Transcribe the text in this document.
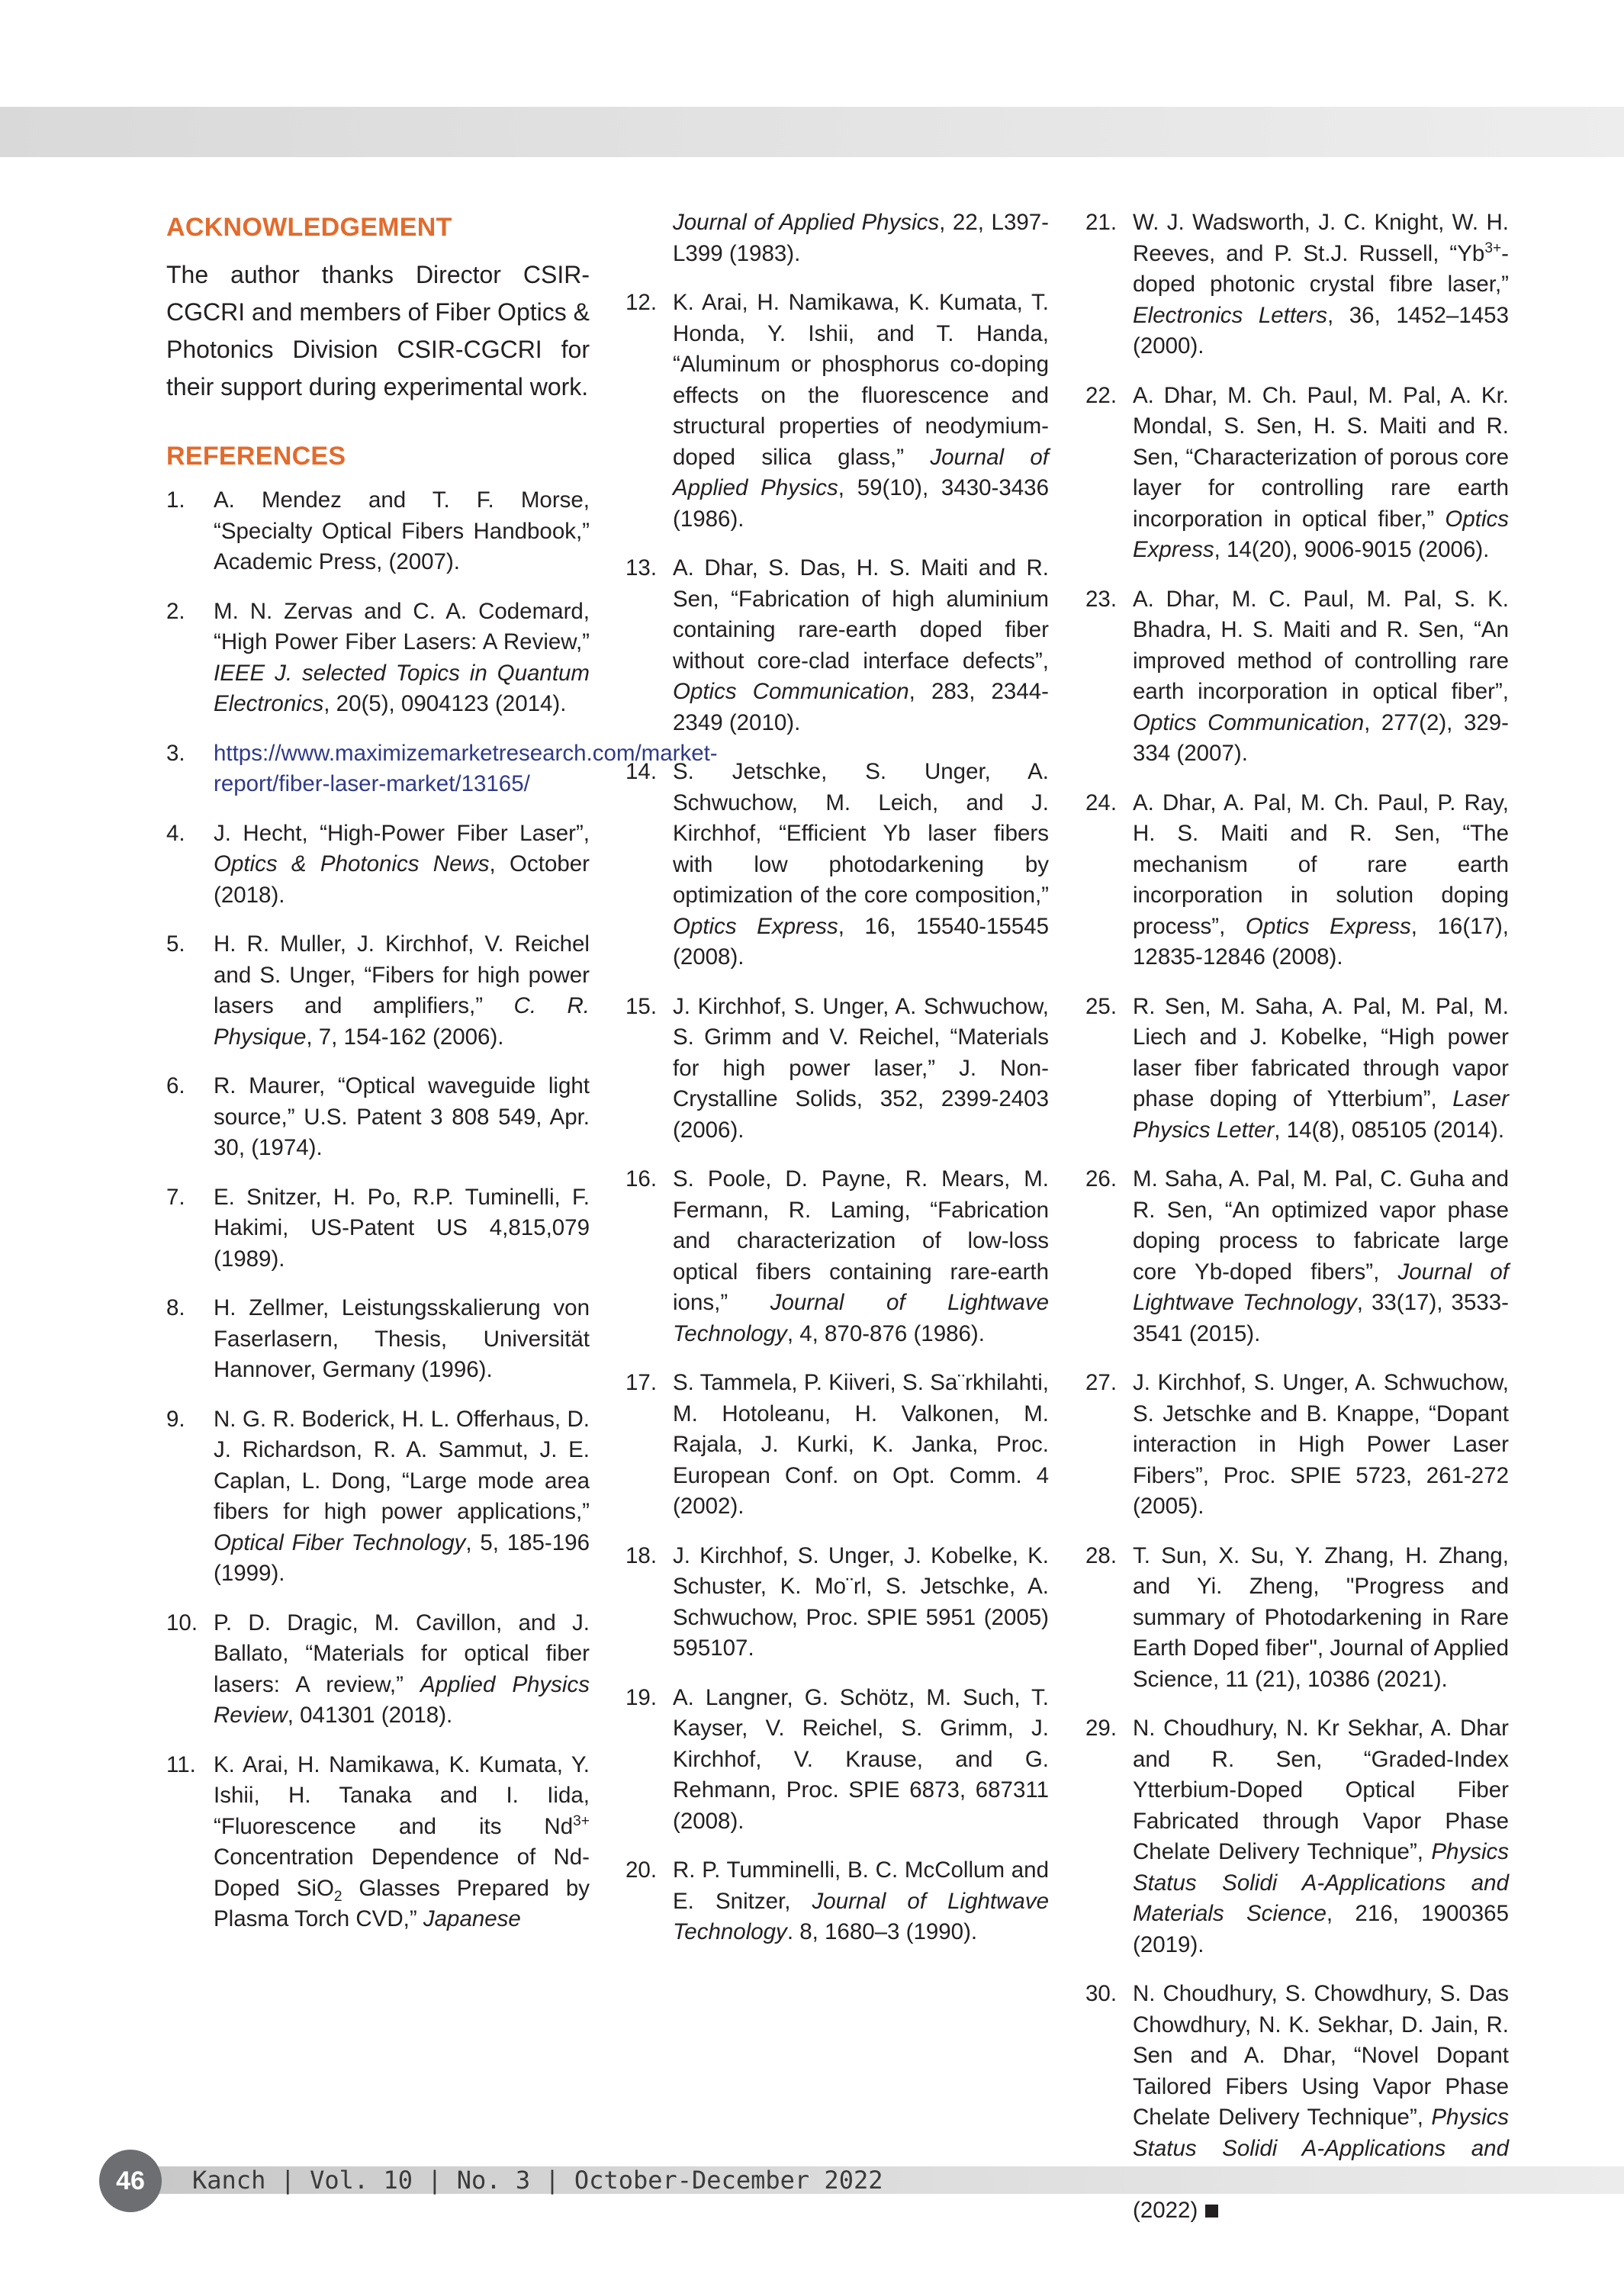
ACKNOWLEDGEMENT

The author thanks Director CSIR-CGCRI and members of Fiber Optics & Photonics Division CSIR-CGCRI for their support during experimental work.

REFERENCES
1.	A. Mendez and T. F. Morse, “Specialty Optical Fibers Handbook,” Academic Press, (2007).
2.	M. N. Zervas and C. A. Codemard, “High Power Fiber Lasers: A Review,” IEEE J. selected Topics in Quantum Electronics, 20(5), 0904123 (2014).
3.	https://www.maximizemarketresearch.com/market-report/fiber-laser-market/13165/
4.	J. Hecht, “High-Power Fiber Laser”, Optics & Photonics News, October (2018).
5.	H. R. Muller, J. Kirchhof, V. Reichel and S. Unger, “Fibers for high power lasers and amplifiers,” C. R. Physique, 7, 154-162 (2006).
6.	R. Maurer, “Optical waveguide light source,” U.S. Patent 3 808 549, Apr. 30, (1974).
7.	E. Snitzer, H. Po, R.P. Tuminelli, F. Hakimi, US-Patent US 4,815,079 (1989).
8.	H. Zellmer, Leistungsskalierung von Faserlasern, Thesis, Universität Hannover, Germany (1996).
9.	N. G. R. Boderick, H. L. Offerhaus, D. J. Richardson, R. A. Sammut, J. E. Caplan, L. Dong, “Large mode area fibers for high power applications,” Optical Fiber Technology, 5, 185-196 (1999).
10. P. D. Dragic, M. Cavillon, and J. Ballato, “Materials for optical fiber lasers: A review,” Applied Physics Review, 041301 (2018).
11. K. Arai, H. Namikawa, K. Kumata, Y. Ishii, H. Tanaka and I. Iida, “Fluorescence and its $Nd^{3+}$ Concentration Dependence of Nd-Doped SiO$_2$ Glasses Prepared by Plasma Torch CVD,” Japanese
Journal of Applied Physics, 22, L397-L399 (1983).
12. K. Arai, H. Namikawa, K. Kumata, T. Honda, Y. Ishii, and T. Handa, “Aluminum or phosphorus co-doping effects on the fluorescence and structural properties of neodymium-doped silica glass,” Journal of Applied Physics, 59(10), 3430-3436 (1986).
13. A. Dhar, S. Das, H. S. Maiti and R. Sen, “Fabrication of high aluminium containing rare-earth doped fiber without core-clad interface defects”, Optics Communication, 283, 2344-2349 (2010).
14. S. Jetschke, S. Unger, A. Schwuchow, M. Leich, and J. Kirchhof, “Efficient Yb laser fibers with low photodarkening by optimization of the core composition,” Optics Express, 16, 15540-15545 (2008).
15. J. Kirchhof, S. Unger, A. Schwuchow, S. Grimm and V. Reichel, “Materials for high power laser,” J. Non-Crystalline Solids, 352, 2399-2403 (2006).
16. S. Poole, D. Payne, R. Mears, M. Fermann, R. Laming, “Fabrication and characterization of low-loss optical fibers containing rare-earth ions,” Journal of Lightwave Technology, 4, 870-876 (1986).
17. S. Tammela, P. Kiiveri, S. Sa¨rkhilahti, M. Hotoleanu, H. Valkonen, M. Rajala, J. Kurki, K. Janka, Proc. European Conf. on Opt. Comm. 4 (2002).
18. J. Kirchhof, S. Unger, J. Kobelke, K. Schuster, K. Mo¨rl, S. Jetschke, A. Schwuchow, Proc. SPIE 5951 (2005) 595107.
19. A. Langner, G. Schötz, M. Such, T. Kayser, V. Reichel, S. Grimm, J. Kirchhof, V. Krause, and G. Rehmann, Proc. SPIE 6873, 687311 (2008).
20. R. P. Tumminelli, B. C. McCollum and E. Snitzer, Journal of Lightwave Technology. 8, 1680–3 (1990).
21. W. J. Wadsworth, J. C. Knight, W. H. Reeves, and P. St.J. Russell, “$Yb^{3+}$-doped photonic crystal fibre laser,” Electronics Letters, 36, 1452–1453 (2000).
22. A. Dhar, M. Ch. Paul, M. Pal, A. Kr. Mondal, S. Sen, H. S. Maiti and R. Sen, “Characterization of porous core layer for controlling rare earth incorporation in optical fiber,” Optics Express, 14(20), 9006-9015 (2006).
23. A. Dhar, M. C. Paul, M. Pal, S. K. Bhadra, H. S. Maiti and R. Sen, “An improved method of controlling rare earth incorporation in optical fiber”, Optics Communication, 277(2), 329-334 (2007).
24. A. Dhar, A. Pal, M. Ch. Paul, P. Ray, H. S. Maiti and R. Sen, “The mechanism of rare earth incorporation in solution doping process”, Optics Express, 16(17), 12835-12846 (2008).
25. R. Sen, M. Saha, A. Pal, M. Pal, M. Liech and J. Kobelke, “High power laser fiber fabricated through vapor phase doping of Ytterbium”, Laser Physics Letter, 14(8), 085105 (2014).
26. M. Saha, A. Pal, M. Pal, C. Guha and R. Sen, “An optimized vapor phase doping process to fabricate large core Yb-doped fibers”, Journal of Lightwave Technology, 33(17), 3533-3541 (2015).
27. J. Kirchhof, S. Unger, A. Schwuchow, S. Jetschke and B. Knappe, “Dopant interaction in High Power Laser Fibers”, Proc. SPIE 5723, 261-272 (2005).
28. T. Sun, X. Su, Y. Zhang, H. Zhang, and Yi. Zheng, "Progress and summary of Photodarkening in Rare Earth Doped fiber", Journal of Applied Science, 11 (21), 10386 (2021).
29. N. Choudhury, N. Kr Sekhar, A. Dhar and R. Sen, “Graded-Index Ytterbium-Doped Optical Fiber Fabricated through Vapor Phase Chelate Delivery Technique”, Physics Status Solidi A-Applications and Materials Science, 216, 1900365 (2019).
30. N. Choudhury, S. Chowdhury, S. Das Chowdhury, N. K. Sekhar, D. Jain, R. Sen and A. Dhar, “Novel Dopant Tailored Fibers Using Vapor Phase Chelate Delivery Technique”, Physics Status Solidi A-Applications and (2022)
46	Kanch | Vol. 10 | No. 3 | October-December 2022
